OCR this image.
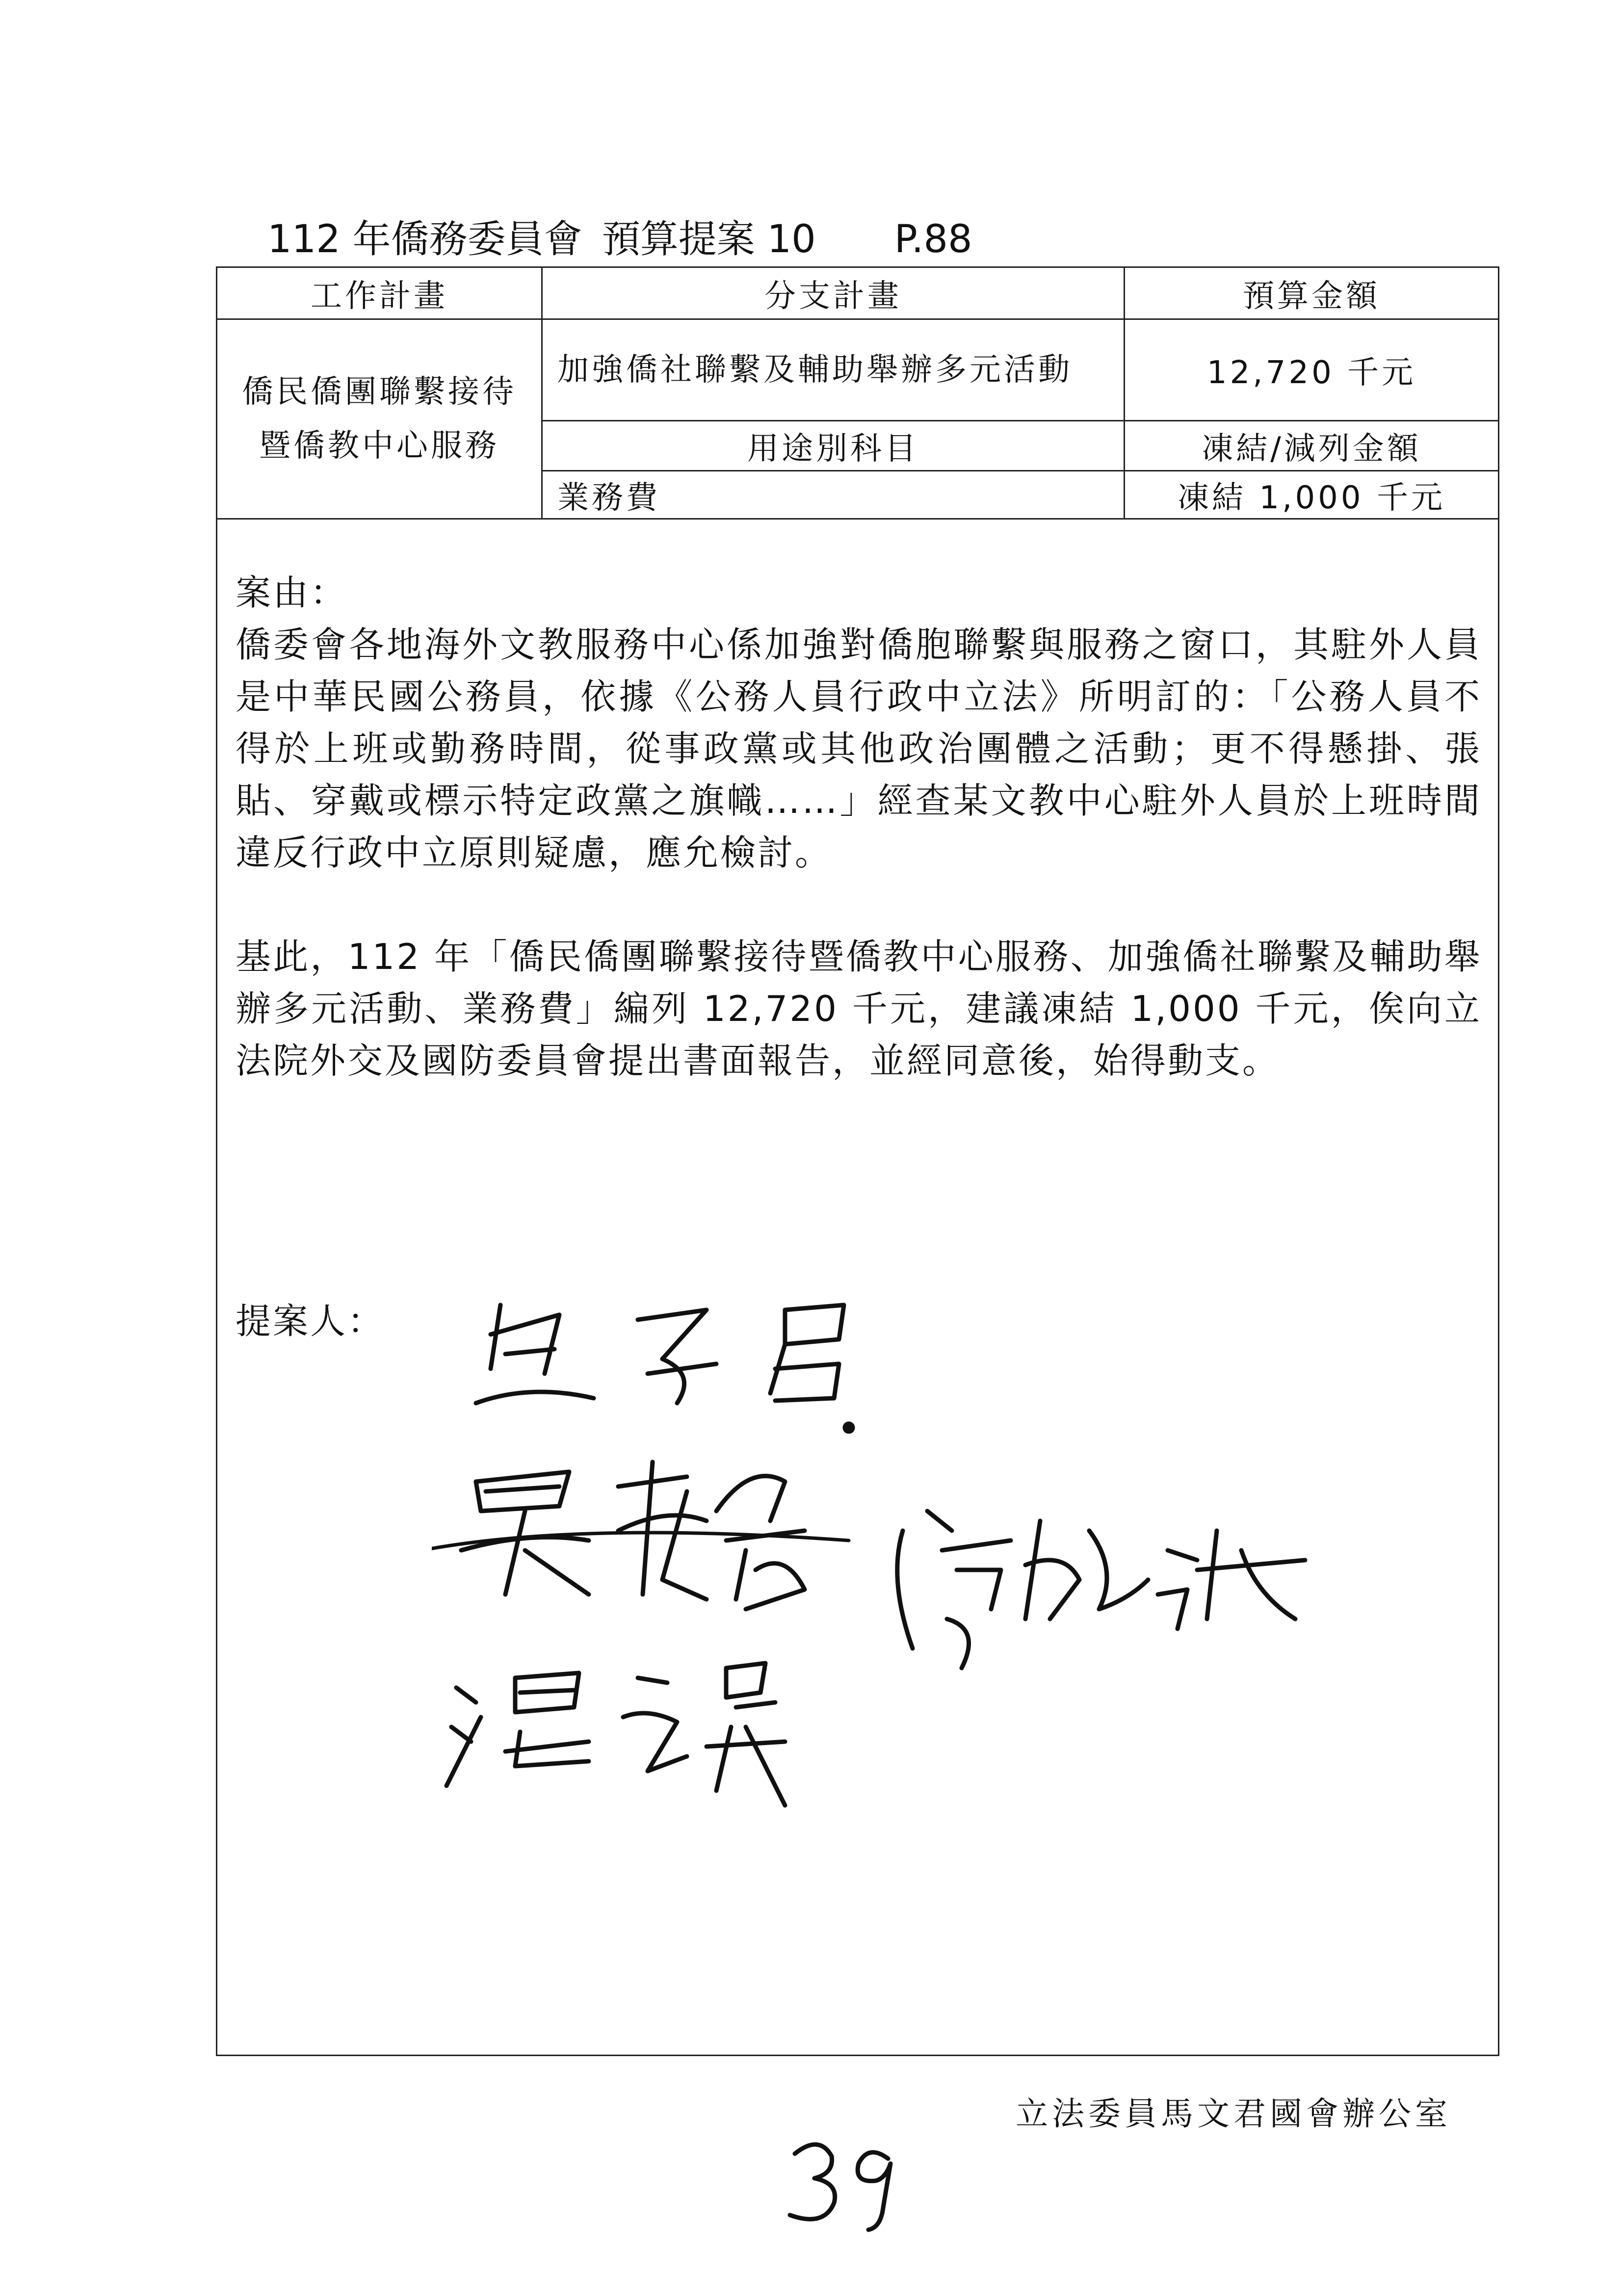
112 年僑務委員會 預算提案 10 P.88
工作計畫	分支計畫	預算金額
僑民僑團聯繫接待暨僑教中心服務
加強僑社聯繫及輔助舉辦多元活動	12,720 千元
用途別科目	凍結/減列金額
業務費	凍結 1,000 千元

案由：

僑委會各地海外文教服務中心係加強對僑胞聯繫與服務之窗口，其駐外人員是中華民國公務員，依據《公務人員行政中立法》所明訂的：「公務人員不得於上班或勤務時間，從事政黨或其他政治團體之活動；更不得懸掛、張貼、穿戴或標示特定政黨之旗幟……」經查某文教中心駐外人員於上班時間違反行政中立原則疑慮，應允檢討。

基此，112 年「僑民僑團聯繫接待暨僑教中心服務、加強僑社聯繫及輔助舉辦多元活動、業務費」編列 12,720 千元，建議凍結 1,000 千元，俟向立法院外交及國防委員會提出書面報告，並經同意後，始得動支。

提案人：
立法委員馬文君國會辦公室
